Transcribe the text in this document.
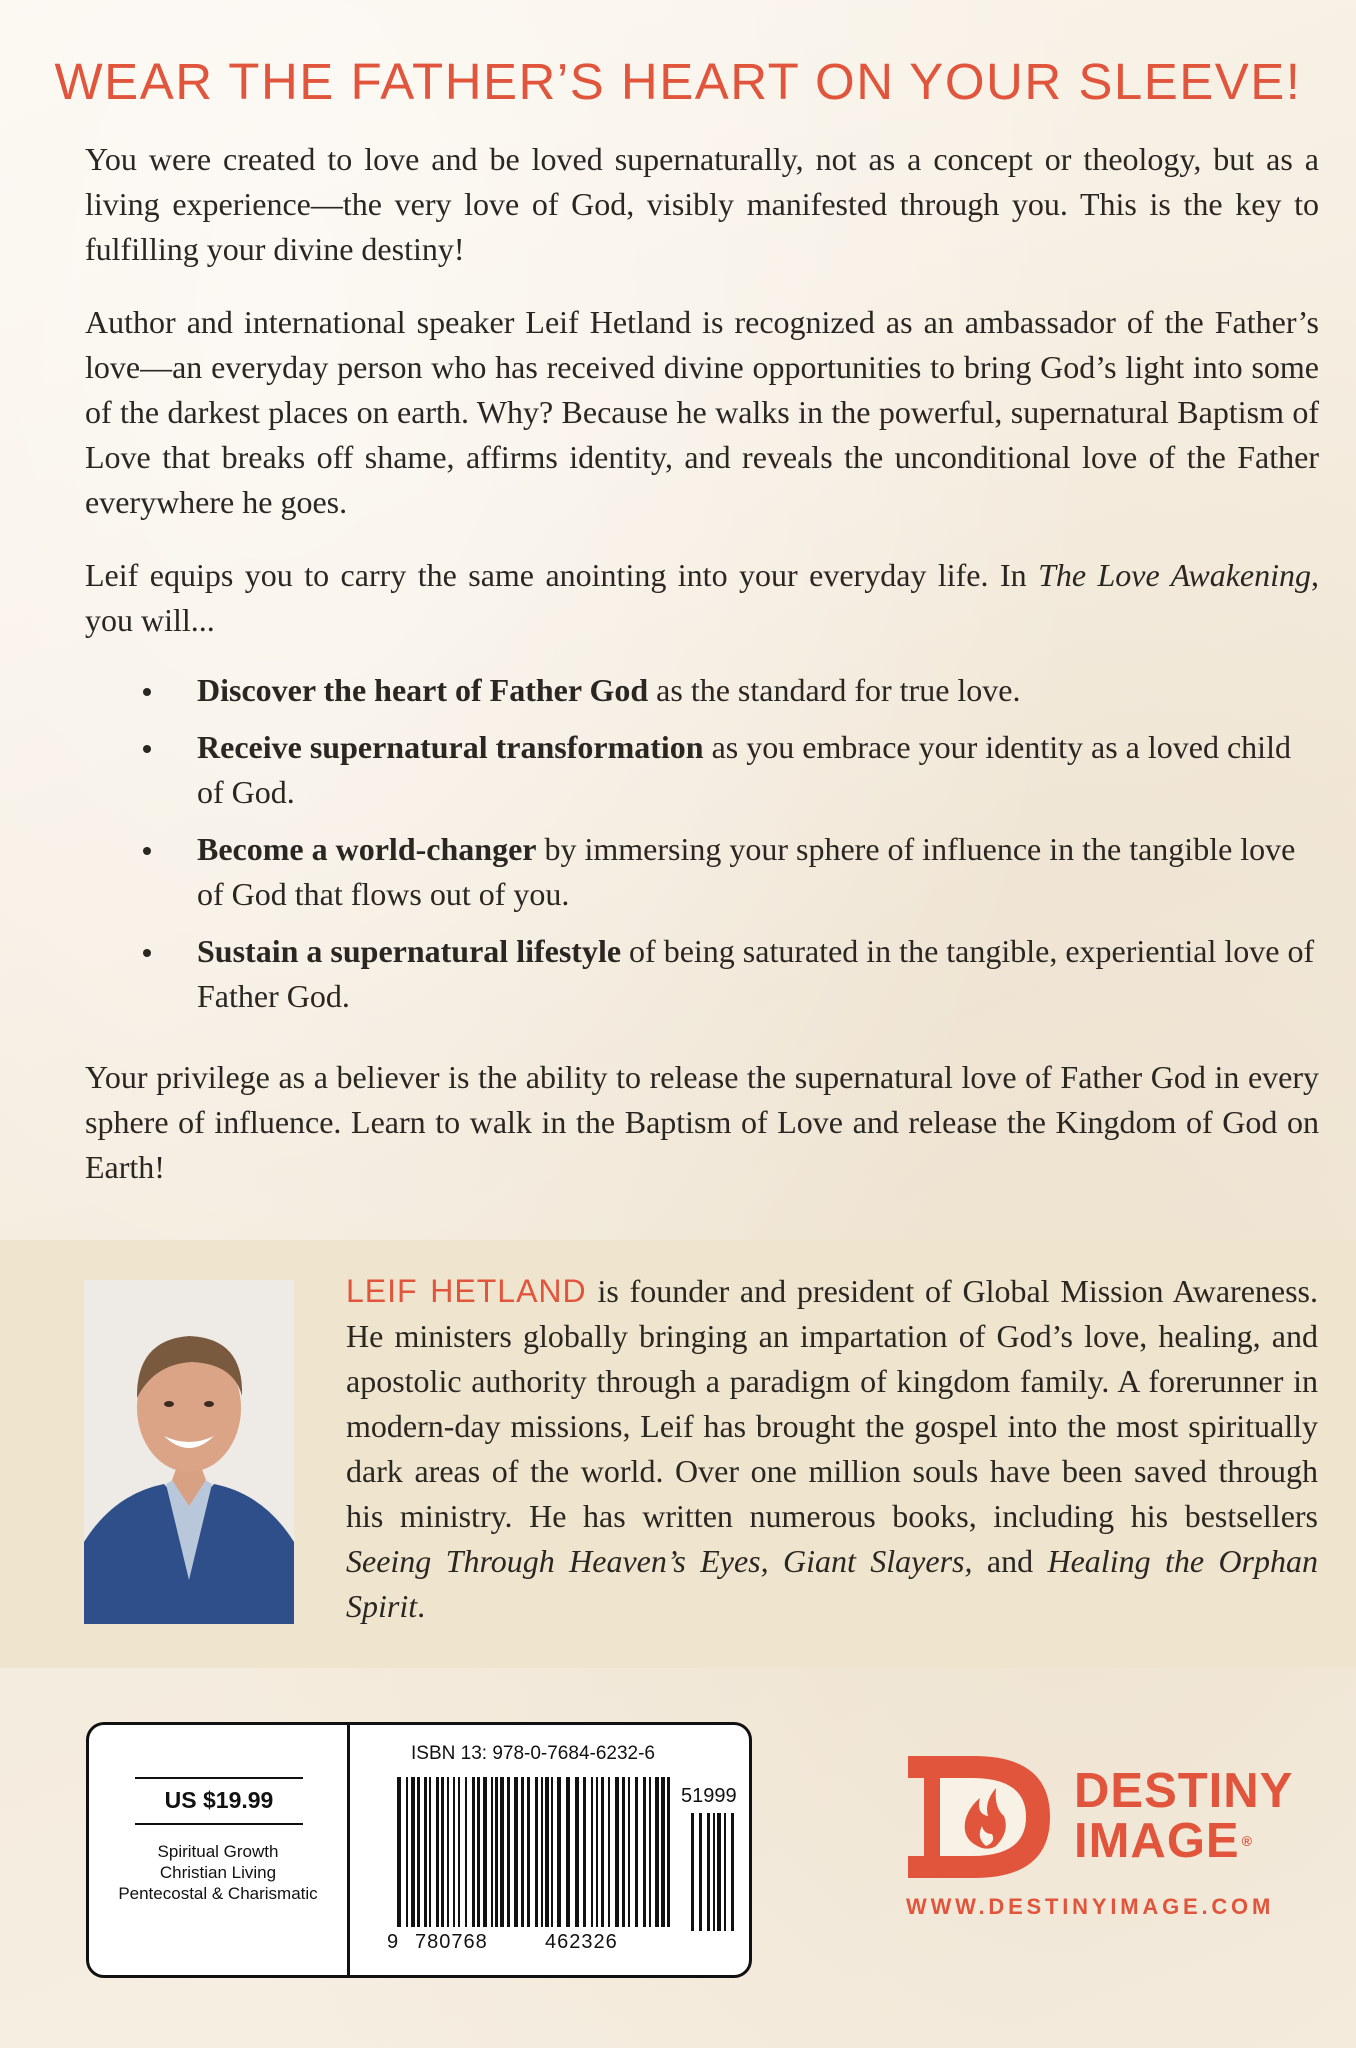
WEAR THE FATHER’S HEART ON YOUR SLEEVE!

You were created to love and be loved supernaturally, not as a concept or theology, but as a living experience—the very love of God, visibly manifested through you. This is the key to fulfilling your divine destiny!

Author and international speaker Leif Hetland is recognized as an ambassador of the Father’s love—an everyday person who has received divine opportunities to bring God’s light into some of the darkest places on earth. Why? Because he walks in the powerful, supernatural Baptism of Love that breaks off shame, affirms identity, and reveals the unconditional love of the Father everywhere he goes.

Leif equips you to carry the same anointing into your everyday life. In The Love Awakening, you will...

Discover the heart of Father God as the standard for true love.
Receive supernatural transformation as you embrace your identity as a loved child of God.
Become a world-changer by immersing your sphere of influence in the tangible love of God that flows out of you.
Sustain a supernatural lifestyle of being saturated in the tangible, experiential love of Father God.

Your privilege as a believer is the ability to release the supernatural love of Father God in every sphere of influence. Learn to walk in the Baptism of Love and release the Kingdom of God on Earth!

LEIF HETLAND is founder and president of Global Mission Awareness. He ministers globally bringing an impartation of God’s love, healing, and apostolic authority through a paradigm of kingdom family. A forerunner in modern-day missions, Leif has brought the gospel into the most spiritually dark areas of the world. Over one million souls have been saved through his ministry. He has written numerous books, including his bestsellers Seeing Through Heaven’s Eyes, Giant Slayers, and Healing the Orphan Spirit.

US $19.99
Spiritual Growth
Christian Living
Pentecostal & Charismatic
ISBN 13: 978-0-7684-6232-6
51999
9 780768	462326
DESTINY
IMAGE ®
WWW.DESTINYIMAGE.COM
